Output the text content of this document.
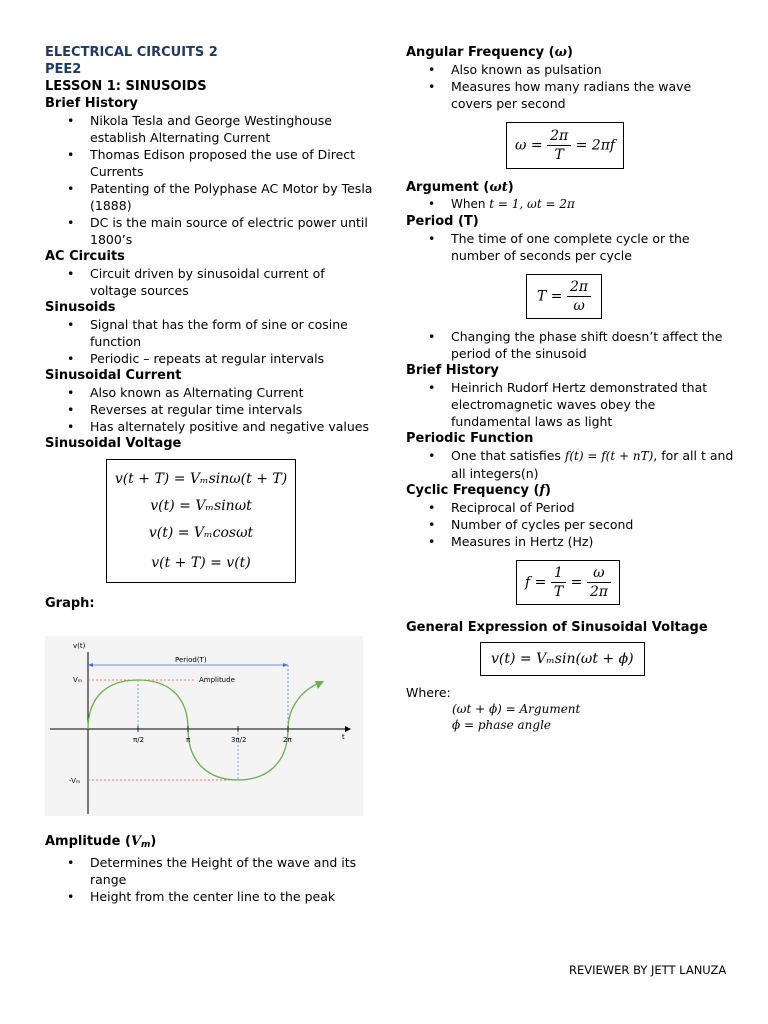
ELECTRICAL CIRCUITS 2
PEE2
LESSON 1: SINUSOIDS
Brief History
• Nikola Tesla and George Westinghouse establish Alternating Current
• Thomas Edison proposed the use of Direct Currents
• Patenting of the Polyphase AC Motor by Tesla (1888)
• DC is the main source of electric power until 1800’s
AC Circuits
• Circuit driven by sinusoidal current of voltage sources
Sinusoids
• Signal that has the form of sine or cosine function
• Periodic – repeats at regular intervals
Sinusoidal Current
• Also known as Alternating Current
• Reverses at regular time intervals
• Has alternately positive and negative values
Sinusoidal Voltage
v(t + T) = Vₘsinω(t + T)
v(t) = Vₘsinωt
v(t) = Vₘcosωt
v(t + T) = v(t)
Graph:
v(t)
Period(T)
Amplitude
Vₘ
-Vₘ
t
π/2	π	3π/2	2π
Amplitude $(V_m)$
• Determines the Height of the wave and its range
• Height from the center line to the peak
Angular Frequency (ω)
• Also known as pulsation
• Measures how many radians the wave covers per second
$\omega = \frac{2\pi}{T} = 2\pi f$
Argument (ωt)
• When t = 1, ωt = 2π
Period (T)
• The time of one complete cycle or the number of seconds per cycle
$T = \frac{2\pi}{\omega}$
• Changing the phase shift doesn’t affect the period of the sinusoid
Brief History
• Heinrich Rudorf Hertz demonstrated that electromagnetic waves obey the fundamental laws as light
Periodic Function
• One that satisfies f(t) = f(t + nT), for all t and all integers(n)
Cyclic Frequency (f)
• Reciprocal of Period
• Number of cycles per second
• Measures in Hertz (Hz)
$f = \frac{1}{T} = \frac{\omega}{2\pi}$
General Expression of Sinusoidal Voltage
v(t) = Vₘsin(ωt + ϕ)
Where:
(ωt + ϕ) = Argument
ϕ = phase angle
REVIEWER BY JETT LANUZA
